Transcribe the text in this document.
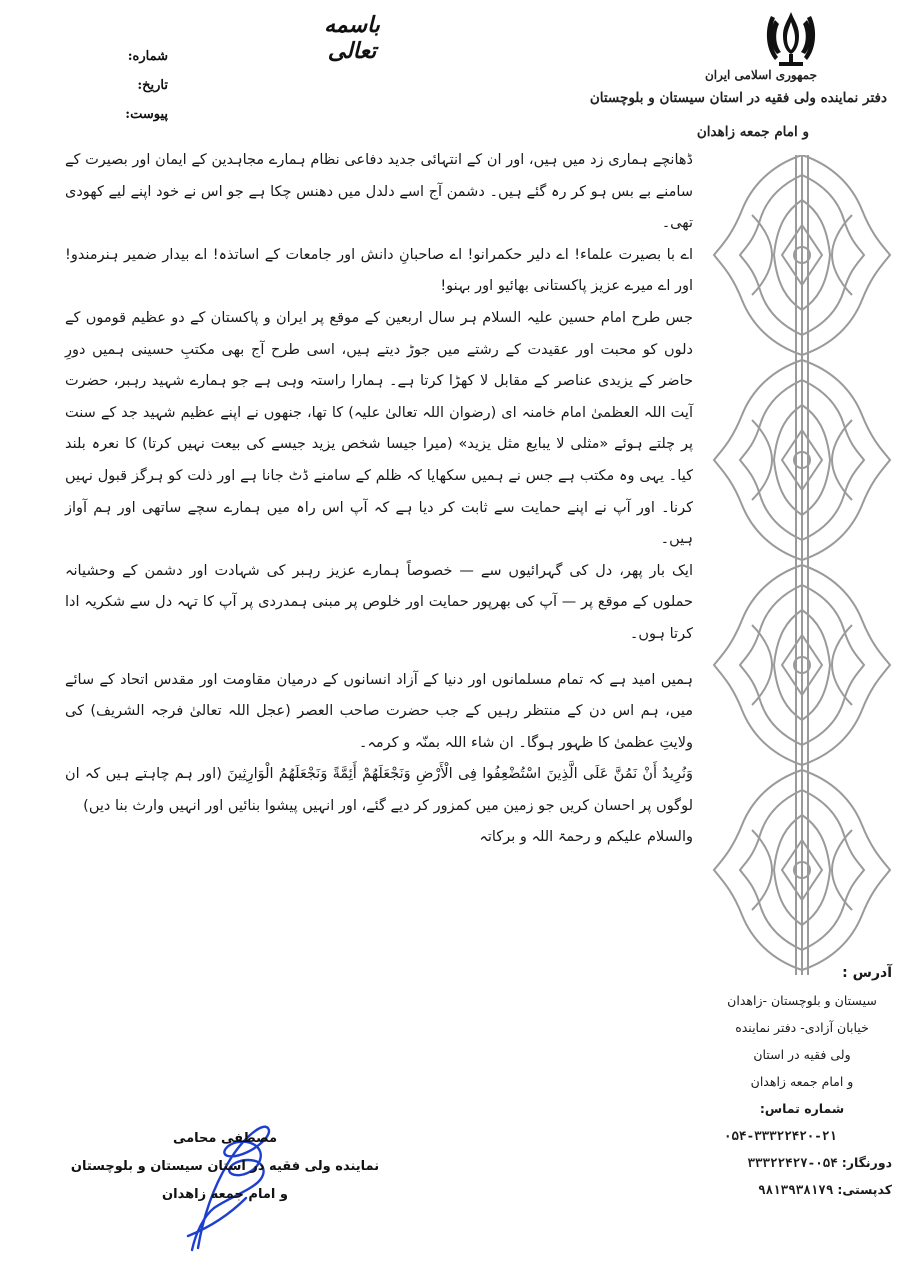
جمهوری اسلامی ایران
دفتر نماینده ولی فقیه در استان سیستان و بلوچستان
و امام جمعه زاهدان
باسمه تعالی
شماره:
تاریخ:
پیوست:

ڈھانچے ہماری زد میں ہیں، اور ان کے انتہائی جدید دفاعی نظام ہمارے مجاہدین کے ایمان اور بصیرت کے سامنے بے بس ہو کر رہ گئے ہیں۔ دشمن آج اسے دلدل میں دھنس چکا ہے جو اس نے خود اپنے لیے کھودی تھی۔

اے با بصیرت علماء! اے دلیر حکمرانو! اے صاحبانِ دانش اور جامعات کے اساتذہ! اے بیدار ضمیر ہنرمندو! اور اے میرے عزیز پاکستانی بھائیو اور بہنو!

جس طرح امام حسین علیہ السلام ہر سال اربعین کے موقع پر ایران و پاکستان کے دو عظیم قوموں کے دلوں کو محبت اور عقیدت کے رشتے میں جوڑ دیتے ہیں، اسی طرح آج بھی مکتبِ حسینی ہمیں دورِ حاضر کے یزیدی عناصر کے مقابل لا کھڑا کرتا ہے۔ ہمارا راستہ وہی ہے جو ہمارے شہید رہبر، حضرت آیت اللہ العظمیٰ امام خامنہ ای (رضوان اللہ تعالیٰ علیہ) کا تھا، جنھوں نے اپنے عظیم شہید جد کے سنت پر چلتے ہوئے «مثلی لا یبایع مثل یزید» (میرا جیسا شخص یزید جیسے کی بیعت نہیں کرتا) کا نعرہ بلند کیا۔ یہی وہ مکتب ہے جس نے ہمیں سکھایا کہ ظلم کے سامنے ڈٹ جانا ہے اور ذلت کو ہرگز قبول نہیں کرنا۔ اور آپ نے اپنے حمایت سے ثابت کر دیا ہے کہ آپ اس راہ میں ہمارے سچے ساتھی اور ہم آواز ہیں۔

ایک بار پھر، دل کی گہرائیوں سے — خصوصاً ہمارے عزیز رہبر کی شہادت اور دشمن کے وحشیانہ حملوں کے موقع پر — آپ کی بھرپور حمایت اور خلوص پر مبنی ہمدردی پر آپ کا تہہ دل سے شکریہ ادا کرتا ہوں۔

ہمیں امید ہے کہ تمام مسلمانوں اور دنیا کے آزاد انسانوں کے درمیان مقاومت اور مقدس اتحاد کے سائے میں، ہم اس دن کے منتظر رہیں کے جب حضرت صاحب العصر (عجل اللہ تعالیٰ فرجہ الشریف) کی ولایتِ عظمیٰ کا ظہور ہوگا۔ ان شاء اللہ بمنّہ و کرمہ۔

وَنُرِیدُ أَنْ نَمُنَّ عَلَی الَّذِینَ اسْتُضْعِفُوا فِی الْأَرْضِ وَنَجْعَلَهُمْ أَئِمَّةً وَنَجْعَلَهُمُ الْوَارِثِینَ (اور ہم چاہتے ہیں کہ ان لوگوں پر احسان کریں جو زمین میں کمزور کر دیے گئے، اور انہیں پیشوا بنائیں اور انہیں وارث بنا دیں)

والسلام علیکم و رحمۃ اللہ و برکاتہ

مصطفی محامی
نماینده ولی فقیه در استان سیستان و بلوچستان
و امام جمعه زاهدان
آدرس :
سیستان و بلوچستان -زاهدان
خیابان آزادی- دفتر نماینده
ولی فقیه در استان
و امام جمعه زاهدان
شماره تماس:
۰۵۴-۳۳۳۲۲۴۲۰-۲۱
دورنگار: ۰۵۴-۳۳۳۲۲۴۲۷
کدپستی: ۹۸۱۳۹۳۸۱۷۹
